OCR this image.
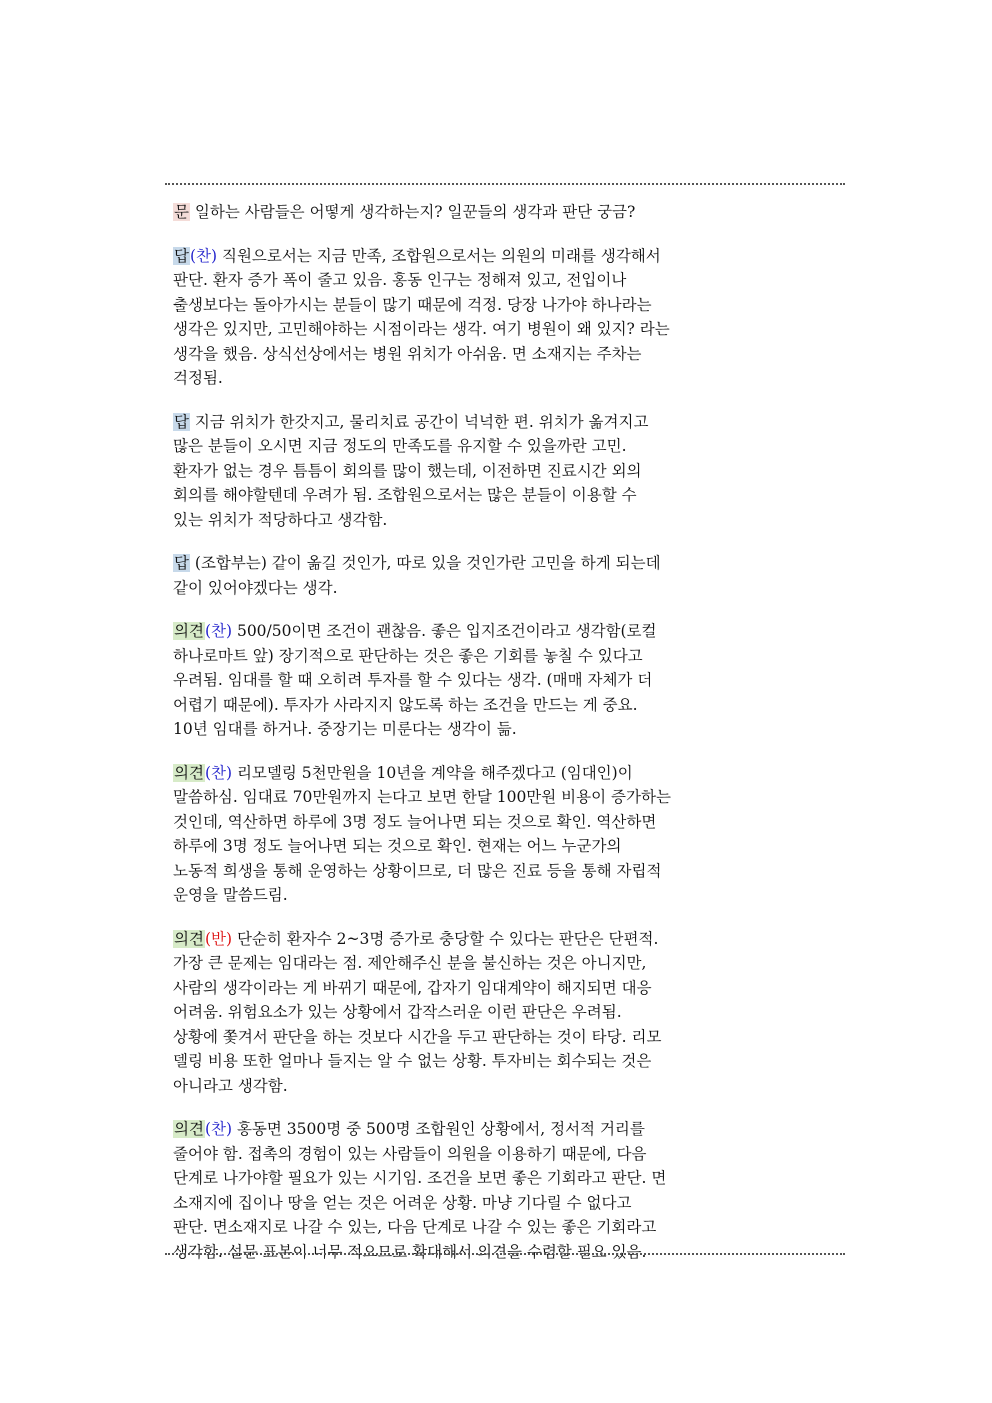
문 일하는 사람들은 어떻게 생각하는지? 일꾼들의 생각과 판단 궁금?
답(찬) 직원으로서는 지금 만족, 조합원으로서는 의원의 미래를 생각해서
판단. 환자 증가 폭이 줄고 있음. 홍동 인구는 정해져 있고, 전입이나
출생보다는 돌아가시는 분들이 많기 때문에 걱정. 당장 나가야 하나라는
생각은 있지만, 고민해야하는 시점이라는 생각. 여기 병원이 왜 있지? 라는
생각을 했음. 상식선상에서는 병원 위치가 아쉬움. 면 소재지는 주차는
걱정됨.
답 지금 위치가 한갓지고, 물리치료 공간이 넉넉한 편. 위치가 옮겨지고
많은 분들이 오시면 지금 정도의 만족도를 유지할 수 있을까란 고민.
환자가 없는 경우 틈틈이 회의를 많이 했는데, 이전하면 진료시간 외의
회의를 해야할텐데 우려가 됨. 조합원으로서는 많은 분들이 이용할 수
있는 위치가 적당하다고 생각함.
답 (조합부는) 같이 옮길 것인가, 따로 있을 것인가란 고민을 하게 되는데
같이 있어야겠다는 생각.
의견(찬) 500/50이면 조건이 괜찮음. 좋은 입지조건이라고 생각함(로컬
하나로마트 앞) 장기적으로 판단하는 것은 좋은 기회를 놓칠 수 있다고
우려됨. 임대를 할 때 오히려 투자를 할 수 있다는 생각. (매매 자체가 더
어렵기 때문에). 투자가 사라지지 않도록 하는 조건을 만드는 게 중요.
10년 임대를 하거나. 중장기는 미룬다는 생각이 듦.
의견(찬) 리모델링 5천만원을 10년을 계약을 해주겠다고 (임대인)이
말씀하심. 임대료 70만원까지 는다고 보면 한달 100만원 비용이 증가하는
것인데, 역산하면 하루에 3명 정도 늘어나면 되는 것으로 확인. 역산하면
하루에 3명 정도 늘어나면 되는 것으로 확인. 현재는 어느 누군가의
노동적 희생을 통해 운영하는 상황이므로, 더 많은 진료 등을 통해 자립적
운영을 말씀드림.
의견(반) 단순히 환자수 2~3명 증가로 충당할 수 있다는 판단은 단편적.
가장 큰 문제는 임대라는 점. 제안해주신 분을 불신하는 것은 아니지만,
사람의 생각이라는 게 바뀌기 때문에, 갑자기 임대계약이 해지되면 대응
어려움. 위험요소가 있는 상황에서 갑작스러운 이런 판단은 우려됨.
상황에 쫓겨서 판단을 하는 것보다 시간을 두고 판단하는 것이 타당. 리모
델링 비용 또한 얼마나 들지는 알 수 없는 상황. 투자비는 회수되는 것은
아니라고 생각함.
의견(찬) 홍동면 3500명 중 500명 조합원인 상황에서, 정서적 거리를
줄어야 함. 접촉의 경험이 있는 사람들이 의원을 이용하기 때문에, 다음
단계로 나가야할 필요가 있는 시기임. 조건을 보면 좋은 기회라고 판단. 면
소재지에 집이나 땅을 얻는 것은 어려운 상황. 마냥 기다릴 수 없다고
판단. 면소재지로 나갈 수 있는, 다음 단계로 나갈 수 있는 좋은 기회라고
생각함. 설문 표본이 너무 적으므로 확대해서 의견을 수렴할 필요 있음.
